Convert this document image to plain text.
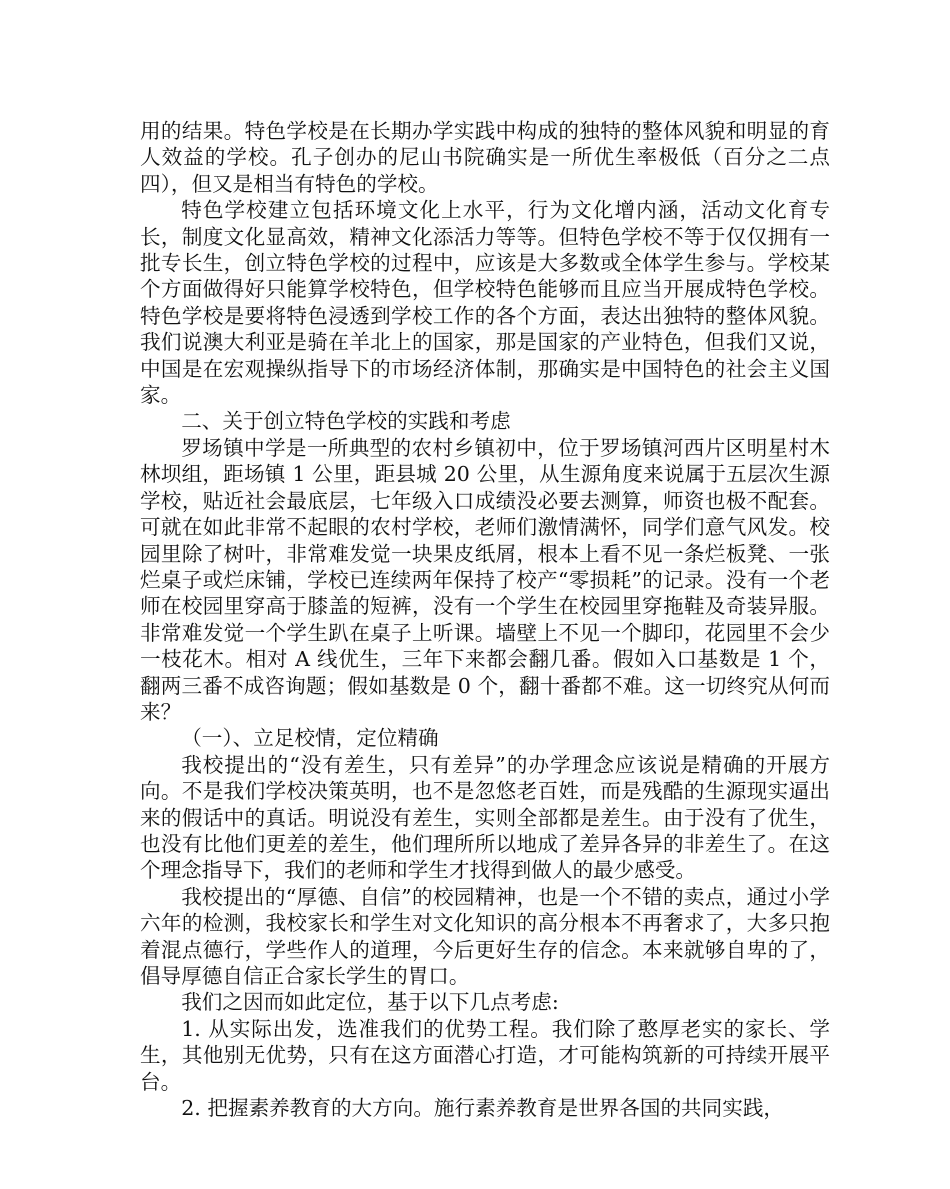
用的结果。特色学校是在长期办学实践中构成的独特的整体风貌和明显的育人效益的学校。孔子创办的尼山书院确实是一所优生率极低（百分之二点四），但又是相当有特色的学校。

特色学校建立包括环境文化上水平，行为文化增内涵，活动文化育专长，制度文化显高效，精神文化添活力等等。但特色学校不等于仅仅拥有一批专长生，创立特色学校的过程中，应该是大多数或全体学生参与。学校某个方面做得好只能算学校特色，但学校特色能够而且应当开展成特色学校。特色学校是要将特色浸透到学校工作的各个方面，表达出独特的整体风貌。我们说澳大利亚是骑在羊北上的国家，那是国家的产业特色，但我们又说，中国是在宏观操纵指导下的市场经济体制，那确实是中国特色的社会主义国家。

二、关于创立特色学校的实践和考虑

罗场镇中学是一所典型的农村乡镇初中，位于罗场镇河西片区明星村木林坝组，距场镇 1 公里，距县城 20 公里，从生源角度来说属于五层次生源学校，贴近社会最底层，七年级入口成绩没必要去测算，师资也极不配套。可就在如此非常不起眼的农村学校，老师们激情满怀，同学们意气风发。校园里除了树叶，非常难发觉一块果皮纸屑，根本上看不见一条烂板凳、一张烂桌子或烂床铺，学校已连续两年保持了校产“零损耗”的记录。没有一个老师在校园里穿高于膝盖的短裤，没有一个学生在校园里穿拖鞋及奇装异服。非常难发觉一个学生趴在桌子上听课。墙壁上不见一个脚印，花园里不会少一枝花木。相对 A 线优生，三年下来都会翻几番。假如入口基数是 1 个，翻两三番不成咨询题；假如基数是 0 个，翻十番都不难。这一切终究从何而来？

（一）、立足校情，定位精确

我校提出的“没有差生，只有差异”的办学理念应该说是精确的开展方向。不是我们学校决策英明，也不是忽悠老百姓，而是残酷的生源现实逼出来的假话中的真话。明说没有差生，实则全部都是差生。由于没有了优生，也没有比他们更差的差生，他们理所所以地成了差异各异的非差生了。在这个理念指导下，我们的老师和学生才找得到做人的最少感受。

我校提出的“厚德、自信”的校园精神，也是一个不错的卖点，通过小学六年的检测，我校家长和学生对文化知识的高分根本不再奢求了，大多只抱着混点德行，学些作人的道理，今后更好生存的信念。本来就够自卑的了，倡导厚德自信正合家长学生的胃口。

我们之因而如此定位，基于以下几点考虑:

1. 从实际出发，选准我们的优势工程。我们除了憨厚老实的家长、学生，其他别无优势，只有在这方面潜心打造，才可能构筑新的可持续开展平台。

2. 把握素养教育的大方向。施行素养教育是世界各国的共同实践，
